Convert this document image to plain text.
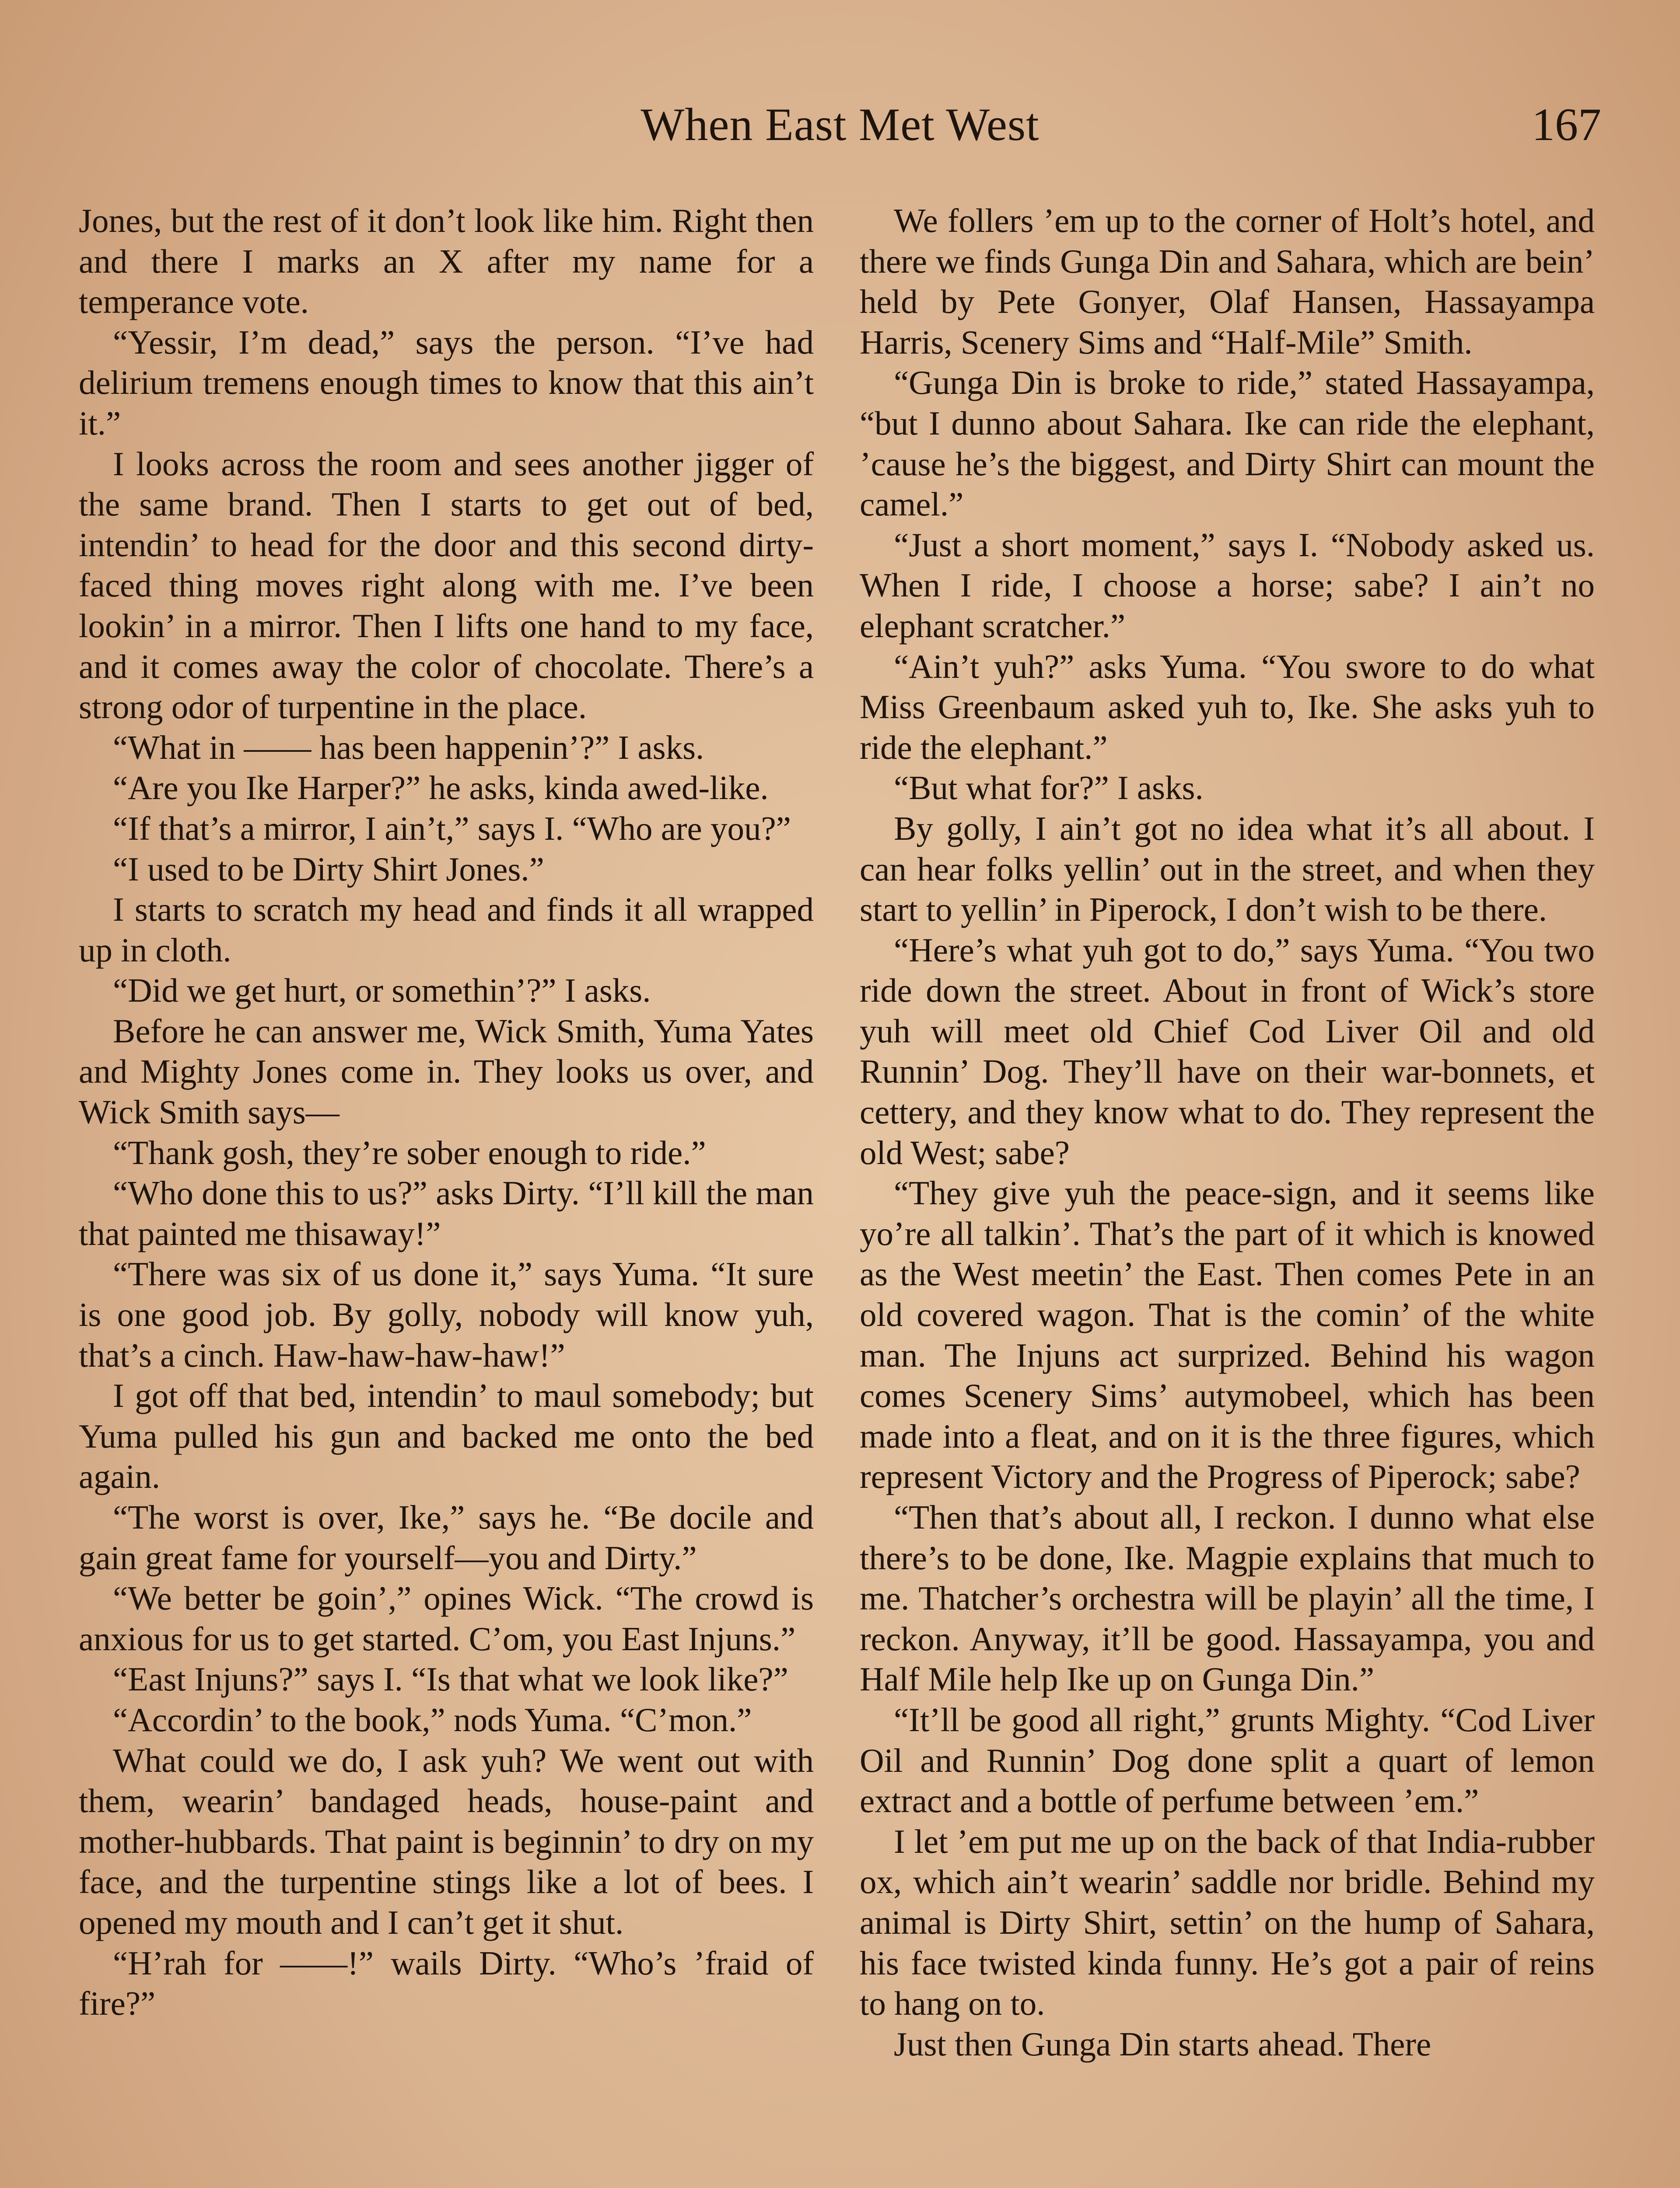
When East Met West	167

Jones, but the rest of it don’t look like him. Right then and there I marks an X after my name for a temperance vote.

“Yessir, I’m dead,” says the person. “I’ve had delirium tremens enough times to know that this ain’t it.”

I looks across the room and sees another jigger of the same brand. Then I starts to get out of bed, intendin’ to head for the door and this second dirty-faced thing moves right along with me. I’ve been lookin’ in a mirror. Then I lifts one hand to my face, and it comes away the color of chocolate. There’s a strong odor of turpentine in the place.

“What in —— has been happenin’?” I asks.

“Are you Ike Harper?” he asks, kinda awed-like.

“If that’s a mirror, I ain’t,” says I. “Who are you?”

“I used to be Dirty Shirt Jones.”

I starts to scratch my head and finds it all wrapped up in cloth.

“Did we get hurt, or somethin’?” I asks.

Before he can answer me, Wick Smith, Yuma Yates and Mighty Jones come in. They looks us over, and Wick Smith says—

“Thank gosh, they’re sober enough to ride.”

“Who done this to us?” asks Dirty. “I’ll kill the man that painted me thisaway!”

“There was six of us done it,” says Yuma. “It sure is one good job. By golly, nobody will know yuh, that’s a cinch. Haw-haw-haw-haw!”

I got off that bed, intendin’ to maul somebody; but Yuma pulled his gun and backed me onto the bed again.

“The worst is over, Ike,” says he. “Be docile and gain great fame for yourself—you and Dirty.”

“We better be goin’,” opines Wick. “The crowd is anxious for us to get started. C’om, you East Injuns.”

“East Injuns?” says I. “Is that what we look like?”

“Accordin’ to the book,” nods Yuma. “C’mon.”

What could we do, I ask yuh? We went out with them, wearin’ bandaged heads, house-paint and mother-hubbards. That paint is beginnin’ to dry on my face, and the turpentine stings like a lot of bees. I opened my mouth and I can’t get it shut.

“H’rah for ——!” wails Dirty. “Who’s ’fraid of fire?”

We follers ’em up to the corner of Holt’s hotel, and there we finds Gunga Din and Sahara, which are bein’ held by Pete Gonyer, Olaf Hansen, Hassayampa Harris, Scenery Sims and “Half-Mile” Smith.

“Gunga Din is broke to ride,” stated Hassayampa, “but I dunno about Sahara. Ike can ride the elephant, ’cause he’s the biggest, and Dirty Shirt can mount the camel.”

“Just a short moment,” says I. “Nobody asked us. When I ride, I choose a horse; sabe? I ain’t no elephant scratcher.”

“Ain’t yuh?” asks Yuma. “You swore to do what Miss Greenbaum asked yuh to, Ike. She asks yuh to ride the elephant.”

“But what for?” I asks.

By golly, I ain’t got no idea what it’s all about. I can hear folks yellin’ out in the street, and when they start to yellin’ in Piperock, I don’t wish to be there.

“Here’s what yuh got to do,” says Yuma. “You two ride down the street. About in front of Wick’s store yuh will meet old Chief Cod Liver Oil and old Runnin’ Dog. They’ll have on their war-bonnets, et cettery, and they know what to do. They represent the old West; sabe?

“They give yuh the peace-sign, and it seems like yo’re all talkin’. That’s the part of it which is knowed as the West meetin’ the East. Then comes Pete in an old covered wagon. That is the comin’ of the white man. The Injuns act surprized. Behind his wagon comes Scenery Sims’ autymobeel, which has been made into a fleat, and on it is the three figures, which represent Victory and the Progress of Piperock; sabe?

“Then that’s about all, I reckon. I dunno what else there’s to be done, Ike. Magpie explains that much to me. Thatcher’s orchestra will be playin’ all the time, I reckon. Anyway, it’ll be good. Hassayampa, you and Half Mile help Ike up on Gunga Din.”

“It’ll be good all right,” grunts Mighty. “Cod Liver Oil and Runnin’ Dog done split a quart of lemon extract and a bottle of perfume between ’em.”

I let ’em put me up on the back of that India-rubber ox, which ain’t wearin’ saddle nor bridle. Behind my animal is Dirty Shirt, settin’ on the hump of Sahara, his face twisted kinda funny. He’s got a pair of reins to hang on to.

Just then Gunga Din starts ahead. There
